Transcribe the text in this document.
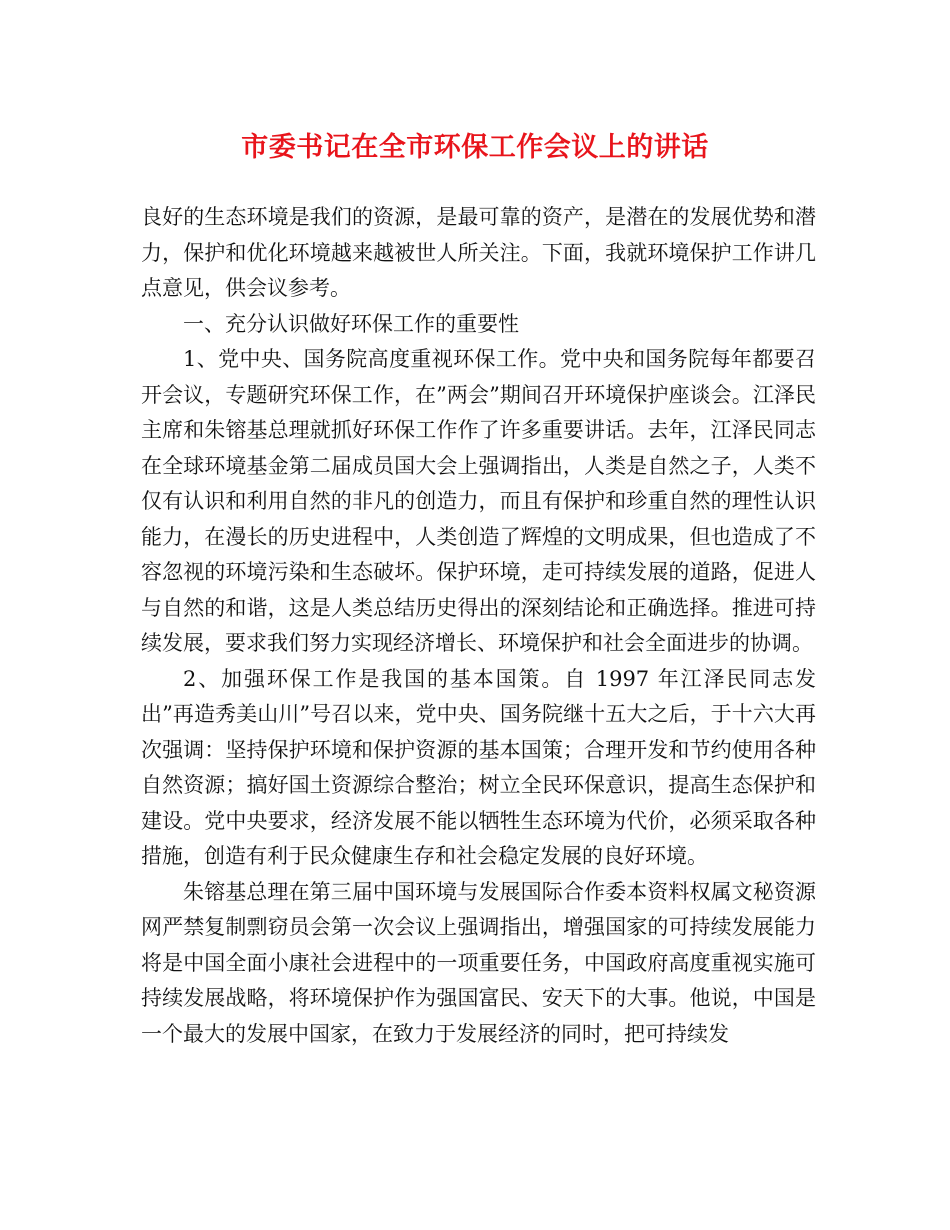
市委书记在全市环保工作会议上的讲话

良好的生态环境是我们的资源，是最可靠的资产，是潜在的发展优势和潜力，保护和优化环境越来越被世人所关注。下面，我就环境保护工作讲几点意见，供会议参考。

一、充分认识做好环保工作的重要性

1、党中央、国务院高度重视环保工作。党中央和国务院每年都要召开会议，专题研究环保工作，在”两会”期间召开环境保护座谈会。江泽民主席和朱镕基总理就抓好环保工作作了许多重要讲话。去年，江泽民同志在全球环境基金第二届成员国大会上强调指出，人类是自然之子，人类不仅有认识和利用自然的非凡的创造力，而且有保护和珍重自然的理性认识能力，在漫长的历史进程中，人类创造了辉煌的文明成果，但也造成了不容忽视的环境污染和生态破坏。保护环境，走可持续发展的道路，促进人与自然的和谐，这是人类总结历史得出的深刻结论和正确选择。推进可持续发展，要求我们努力实现经济增长、环境保护和社会全面进步的协调。

2、加强环保工作是我国的基本国策。自 1997 年江泽民同志发出”再造秀美山川”号召以来，党中央、国务院继十五大之后，于十六大再次强调：坚持保护环境和保护资源的基本国策；合理开发和节约使用各种自然资源；搞好国土资源综合整治；树立全民环保意识，提高生态保护和建设。党中央要求，经济发展不能以牺牲生态环境为代价，必须采取各种措施，创造有利于民众健康生存和社会稳定发展的良好环境。

朱镕基总理在第三届中国环境与发展国际合作委本资料权属文秘资源网严禁复制剽窃员会第一次会议上强调指出，增强国家的可持续发展能力将是中国全面小康社会进程中的一项重要任务，中国政府高度重视实施可持续发展战略，将环境保护作为强国富民、安天下的大事。他说，中国是一个最大的发展中国家，在致力于发展经济的同时，把可持续发
